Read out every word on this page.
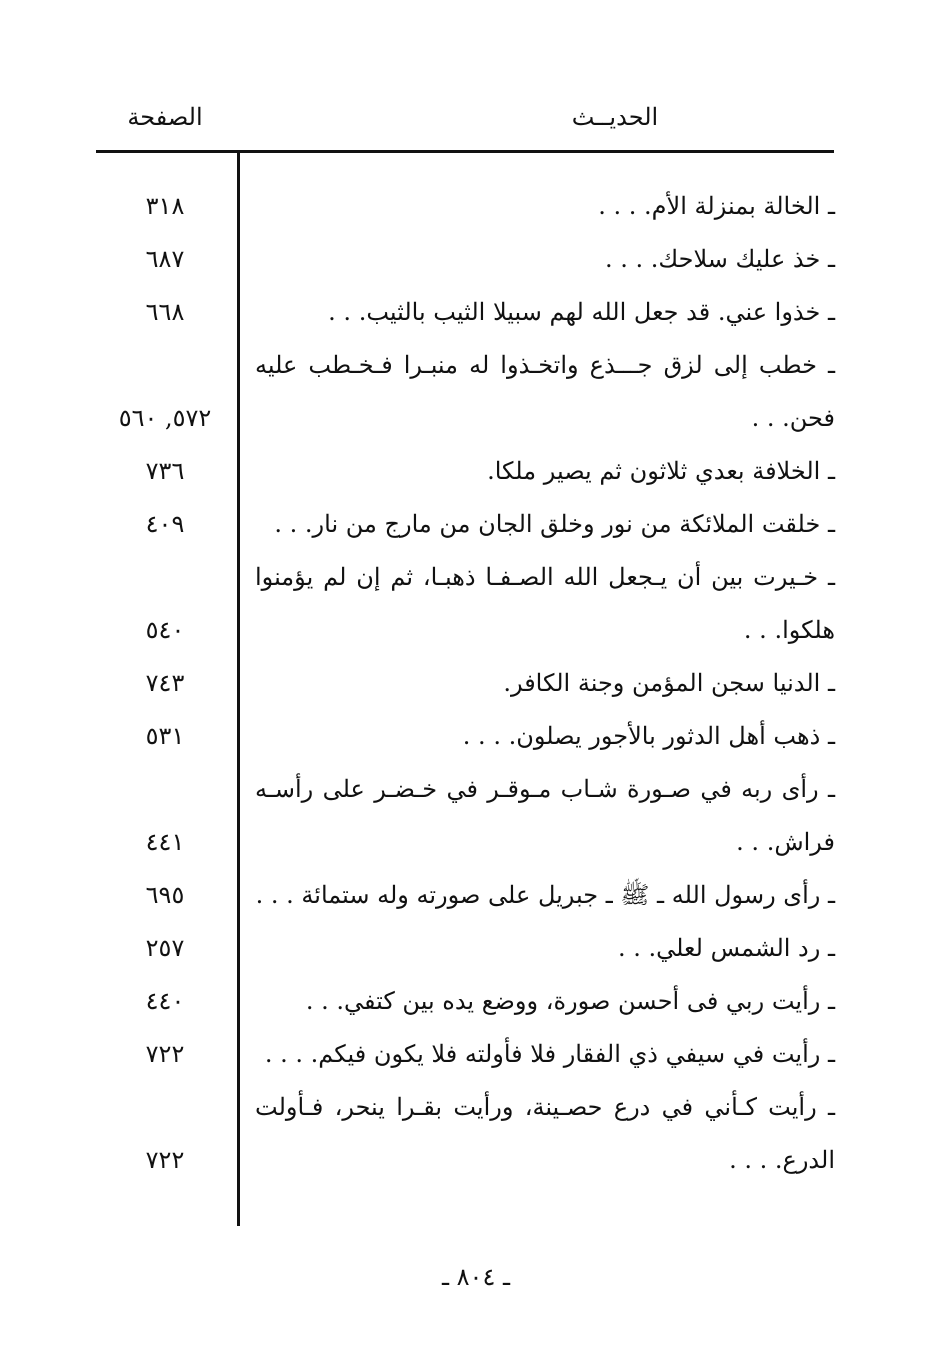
الحديــث
الصفحة
ـ الخالة بمنزلة الأم. . . .
٣١٨
ـ خذ عليك سلاحك. . . .
٦٨٧
ـ خذوا عني. قد جعل الله لهم سبيلا الثيب بالثيب. . .
٦٦٨
ـ خطب إلى لزق جـــذع واتخـذوا له منبـرا فـخـطب عليه فحن. . .
٥٧٢, ٥٦٠
ـ الخلافة بعدي ثلاثون ثم يصير ملكا.
٧٣٦
ـ خلقت الملائكة من نور وخلق الجان من مارج من نار. . .
٤٠٩
ـ خـيرت بين أن يـجعل الله الصـفـا ذهبـا، ثم إن لم يؤمنوا هلكوا. . .
٥٤٠
ـ الدنيا سجن المؤمن وجنة الكافر.
٧٤٣
ـ ذهب أهل الدثور بالأجور يصلون. . . .
٥٣١
ـ رأى ربه في صـورة شـاب مـوقـر في خـضـر على رأسـه فراش. . .
٤٤١
ـ رأى رسول الله ـ ﷺ ـ جبريل على صورته وله ستمائة . . .
٦٩٥
ـ رد الشمس لعلي. . .
٢٥٧
ـ رأيت ربي فى أحسن صورة، ووضع يده بين كتفي. . .
٤٤٠
ـ رأيت في سيفي ذي الفقار فلا فأولته فلا يكون فيكم. . . .
٧٢٢
ـ رأيت كـأني في درع حصـينة، ورأيت بقـرا ينحر، فـأولت الدرع. . . .
٧٢٢
ـ ٨٠٤ ـ
